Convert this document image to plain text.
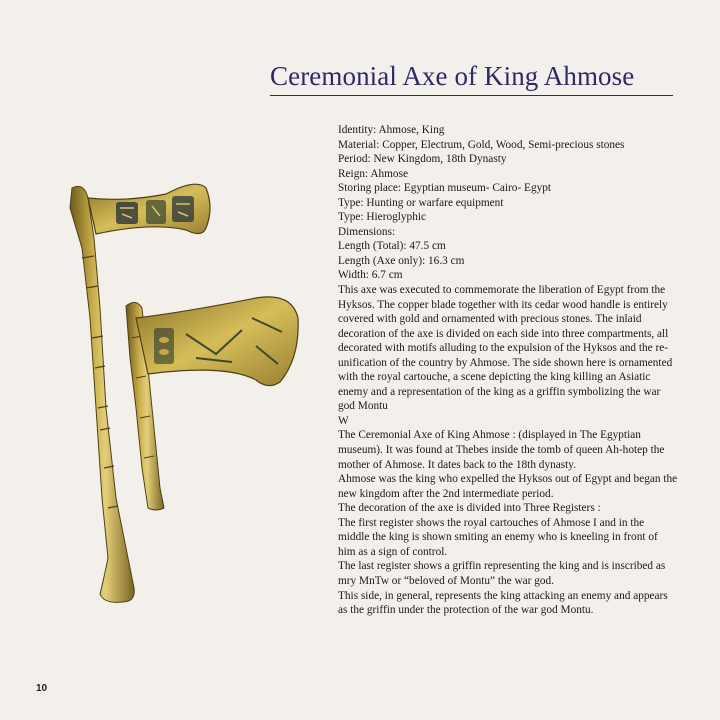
Ceremonial Axe of King Ahmose

Identity: Ahmose, King

Material: Copper, Electrum, Gold, Wood, Semi-precious stones

Period: New Kingdom, 18th Dynasty

Reign: Ahmose

Storing place: Egyptian museum- Cairo- Egypt

Type: Hunting or warfare equipment

Type: Hieroglyphic

Dimensions:

Length (Total): 47.5 cm

Length (Axe only): 16.3 cm

Width: 6.7 cm

This axe was executed to commemorate the liberation of Egypt from the Hyksos. The copper blade together with its cedar wood handle is entirely covered with gold and ornamented with precious stones. The inlaid decoration of the axe is divided on each side into three compartments, all decorated with motifs alluding to the expulsion of the Hyksos and the re-unification of the country by Ahmose. The side shown here is ornamented with the royal cartouche, a scene depicting the king killing an Asiatic enemy and a representation of the king as a griffin symbolizing the war god Montu

W

The Ceremonial Axe of King Ahmose : (displayed in The Egyptian museum). It was found at Thebes inside the tomb of queen Ah-hotep the mother of Ahmose. It dates back to the 18th dynasty.

Ahmose was the king who expelled the Hyksos out of Egypt and began the new kingdom after the 2nd intermediate period.

The decoration of the axe is divided into Three Registers :

The first register shows the royal cartouches of Ahmose I and in the middle the king is shown smiting an enemy who is kneeling in front of him as a sign of control.

The last register shows a griffin representing the king and is inscribed as mry MnTw or “beloved of Montu” the war god.

This side, in general, represents the king attacking an enemy and appears as the griffin under the protection of the war god Montu.

10
